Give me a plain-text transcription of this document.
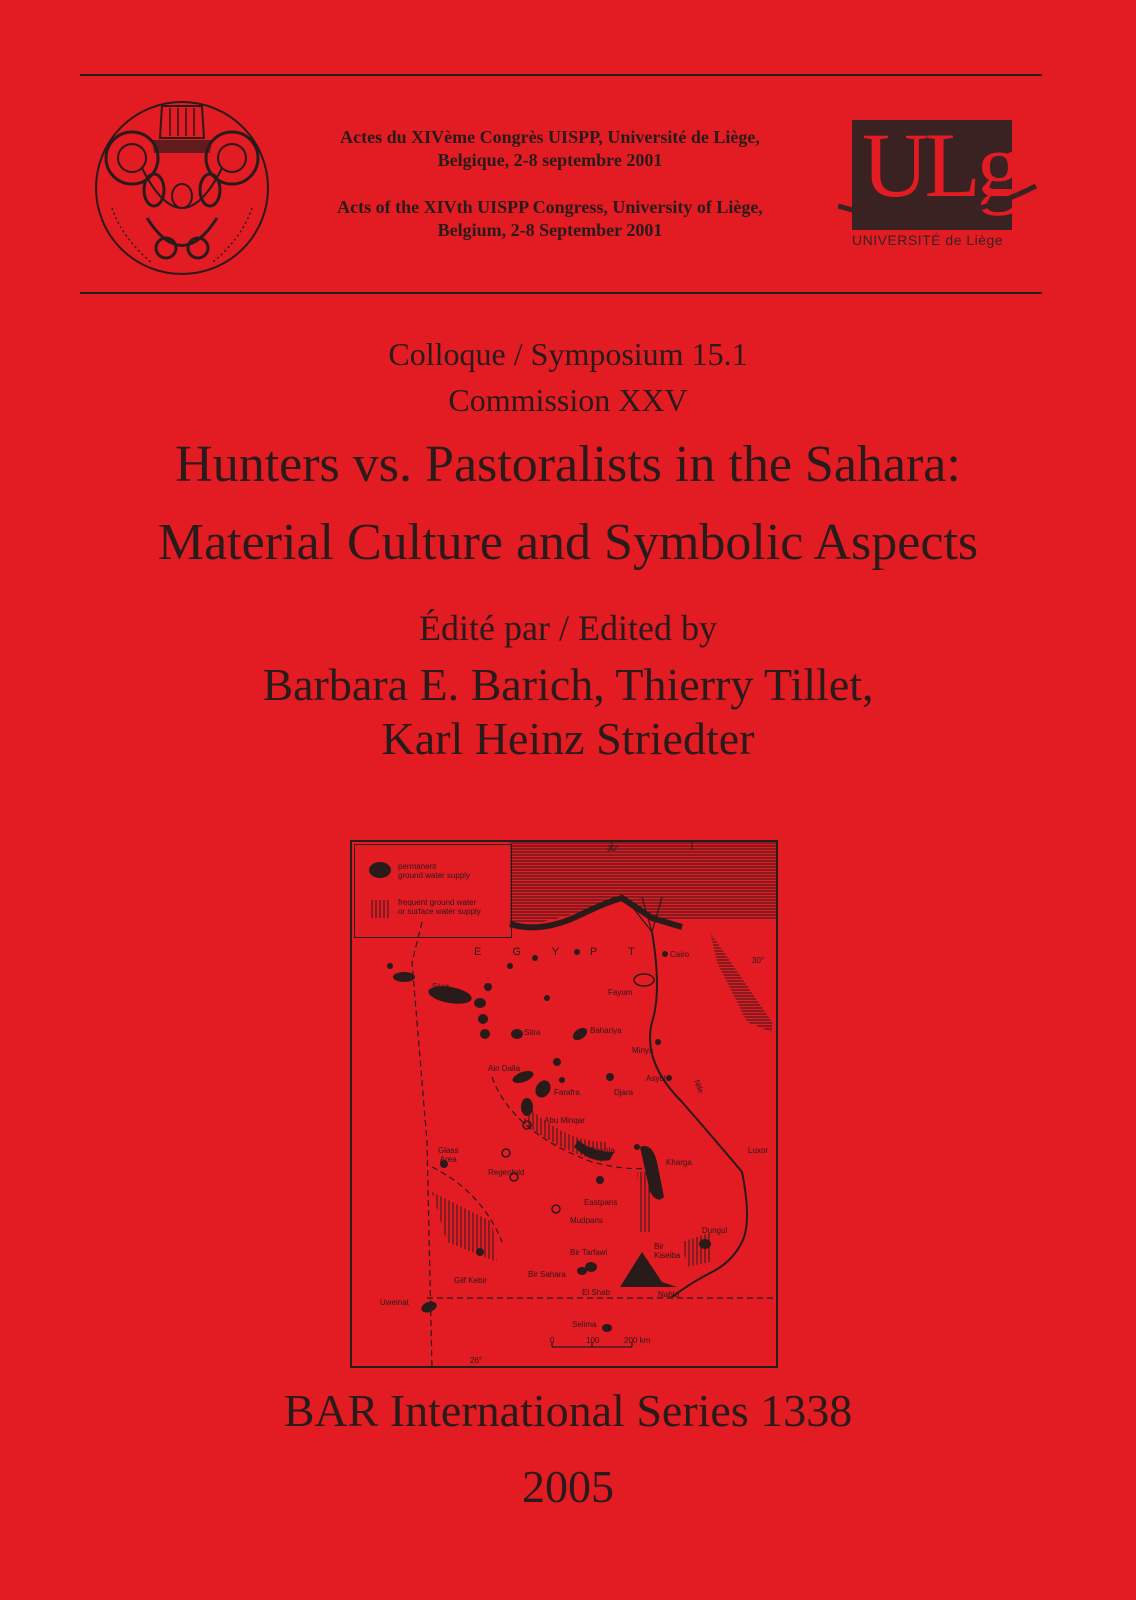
Actes du XIVème Congrès UISPP, Université de Liège,

Belgique, 2-8 septembre 2001

Acts of the XIVth UISPP Congress, University of Liège,

Belgium, 2-8 September 2001

ULg
UNIVERSITÉ de Liège
Colloque / Symposium 15.1
Commission XXV
Hunters vs. Pastoralists in the Sahara:
Material Culture and Symbolic Aspects
Édité par / Edited by
Barbara E. Barich, Thierry Tillet,
Karl Heinz Striedter
permanent
ground water supply
frequent ground water
or surface water supply
30°
30°
26°
E G Y P T
Siwa
Sitra	Bahariya
Fayum
Cairo
Minya
Asyut	Nile
Ain Dalla
Farafra	Djara
Abu Minqar
Glass
Area
Regenfeld
Dakhla
Kharga
Luxor
Eastpans
Mudpans
Bir Tarfawi
Bir
Kiseiba
Dungul
Bir Sahara
Gilf Kebir
El Shab	Nabta
Uweinat
Selima
0	100	200 km
BAR International Series 1338
2005
